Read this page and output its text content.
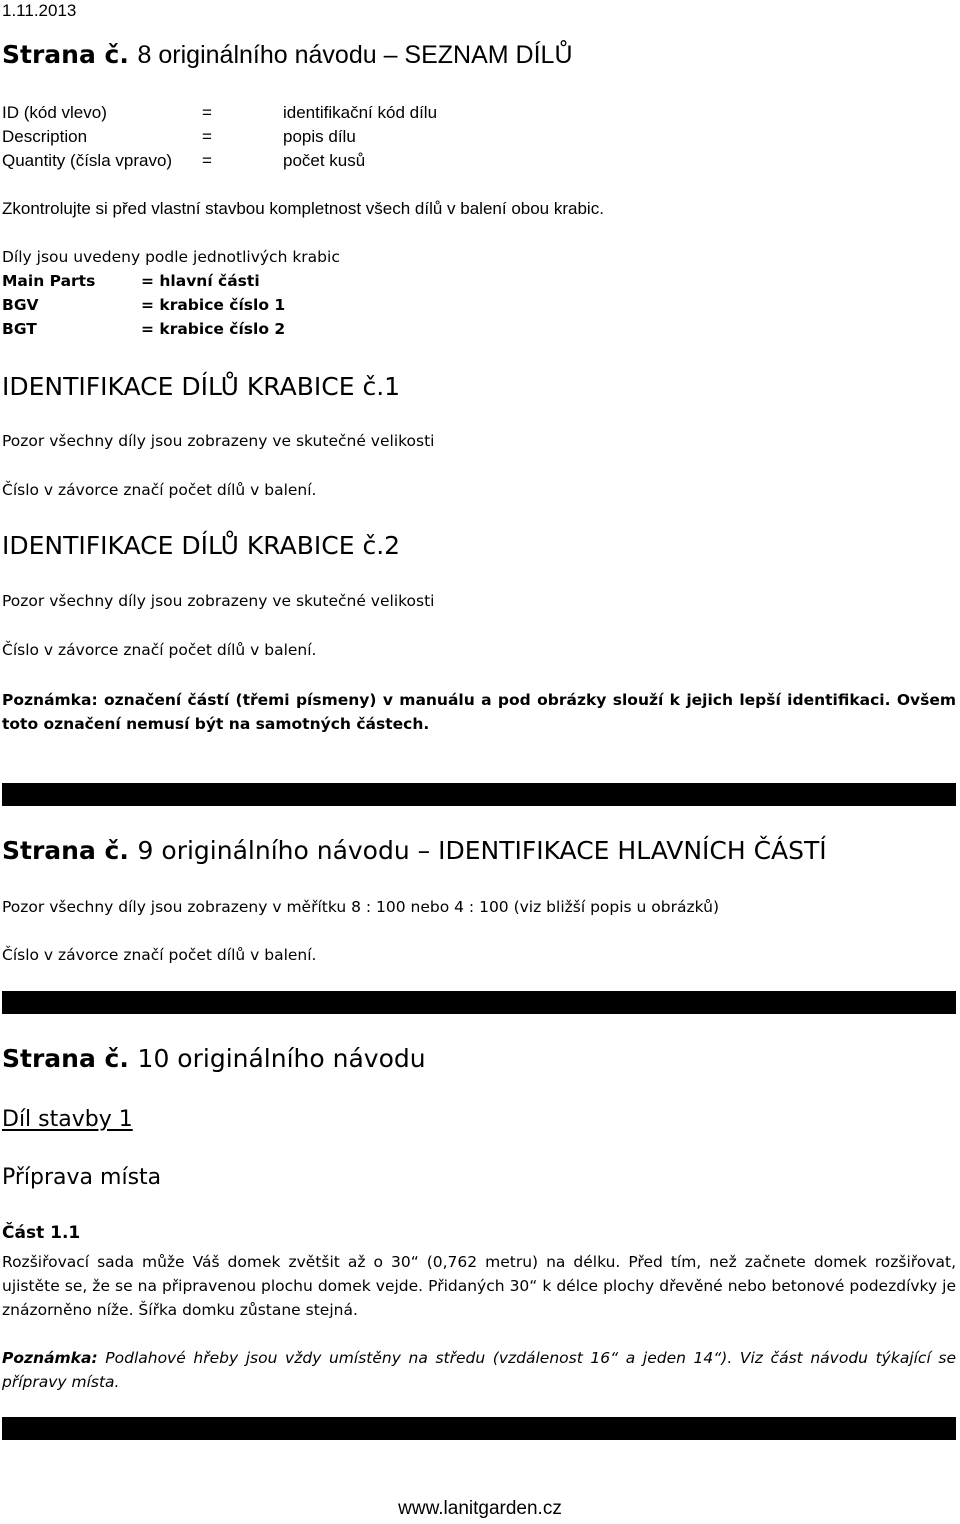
1.11.2013
Strana č. 8 originálního návodu – SEZNAM DÍLŮ
ID (kód vlevo)	=	identifikační kód dílu
Description	=	popis dílu
Quantity (čísla vpravo) =	počet kusů
Zkontrolujte si před vlastní stavbou kompletnost všech dílů v balení obou krabic.
Díly jsou uvedeny podle jednotlivých krabic
Main Parts	= hlavní části
BGV	= krabice číslo 1
BGT	= krabice číslo 2
IDENTIFIKACE DÍLŮ KRABICE č.1
Pozor všechny díly jsou zobrazeny ve skutečné velikosti
Číslo v závorce značí počet dílů v balení.
IDENTIFIKACE DÍLŮ KRABICE č.2
Pozor všechny díly jsou zobrazeny ve skutečné velikosti
Číslo v závorce značí počet dílů v balení.
Poznámka: označení částí (třemi písmeny) v manuálu a pod obrázky slouží k jejich lepší identifikaci. Ovšem toto označení nemusí být na samotných částech.
Strana č. 9 originálního návodu – IDENTIFIKACE HLAVNÍCH ČÁSTÍ
Pozor všechny díly jsou zobrazeny v měřítku 8 : 100 nebo 4 : 100 (viz bližší popis u obrázků)
Číslo v závorce značí počet dílů v balení.
Strana č. 10 originálního návodu
Díl stavby 1
Příprava místa
Část 1.1
Rozšiřovací sada může Váš domek zvětšit až o 30“ (0,762 metru) na délku. Před tím, než začnete domek rozšiřovat, ujistěte se, že se na připravenou plochu domek vejde. Přidaných 30“ k délce plochy dřevěné nebo betonové podezdívky je znázorněno níže. Šířka domku zůstane stejná.
Poznámka: Podlahové hřeby jsou vždy umístěny na středu (vzdálenost 16“ a jeden 14“). Viz část návodu týkající se přípravy místa.
www.lanitgarden.cz
